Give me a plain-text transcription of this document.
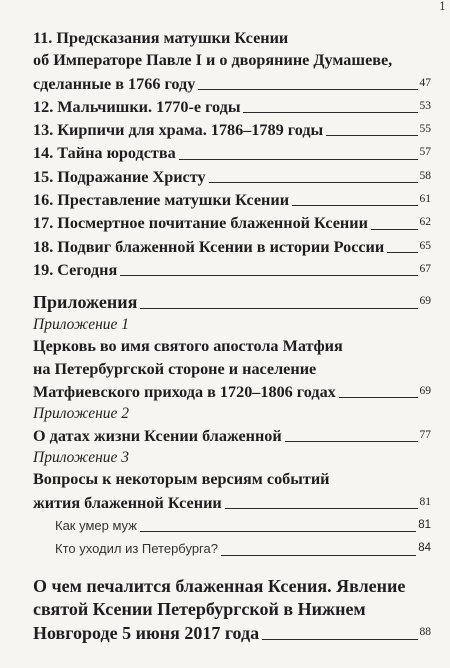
1
11. Предсказания матушки Ксении
об Императоре Павле I и о дворянине Думашеве,
сделанные в 1766 году	47
12. Мальчишки. 1770-е годы	53
13. Кирпичи для храма. 1786–1789 годы	55
14. Тайна юродства	57
15. Подражание Христу	58
16. Преставление матушки Ксении	61
17. Посмертное почитание блаженной Ксении	62
18. Подвиг блаженной Ксении в истории России	65
19. Сегодня	67
Приложения	69
Приложение 1
Церковь во имя святого апостола Матфия
на Петербургской стороне и население
Матфиевского прихода в 1720–1806 годах	69
Приложение 2
О датах жизни Ксении блаженной	77
Приложение 3
Вопросы к некоторым версиям событий
жития блаженной Ксении	81
Как умер муж	81
Кто уходил из Петербурга?	84
О чем печалится блаженная Ксения. Явление
святой Ксении Петербургской в Нижнем
Новгороде 5 июня 2017 года	88
